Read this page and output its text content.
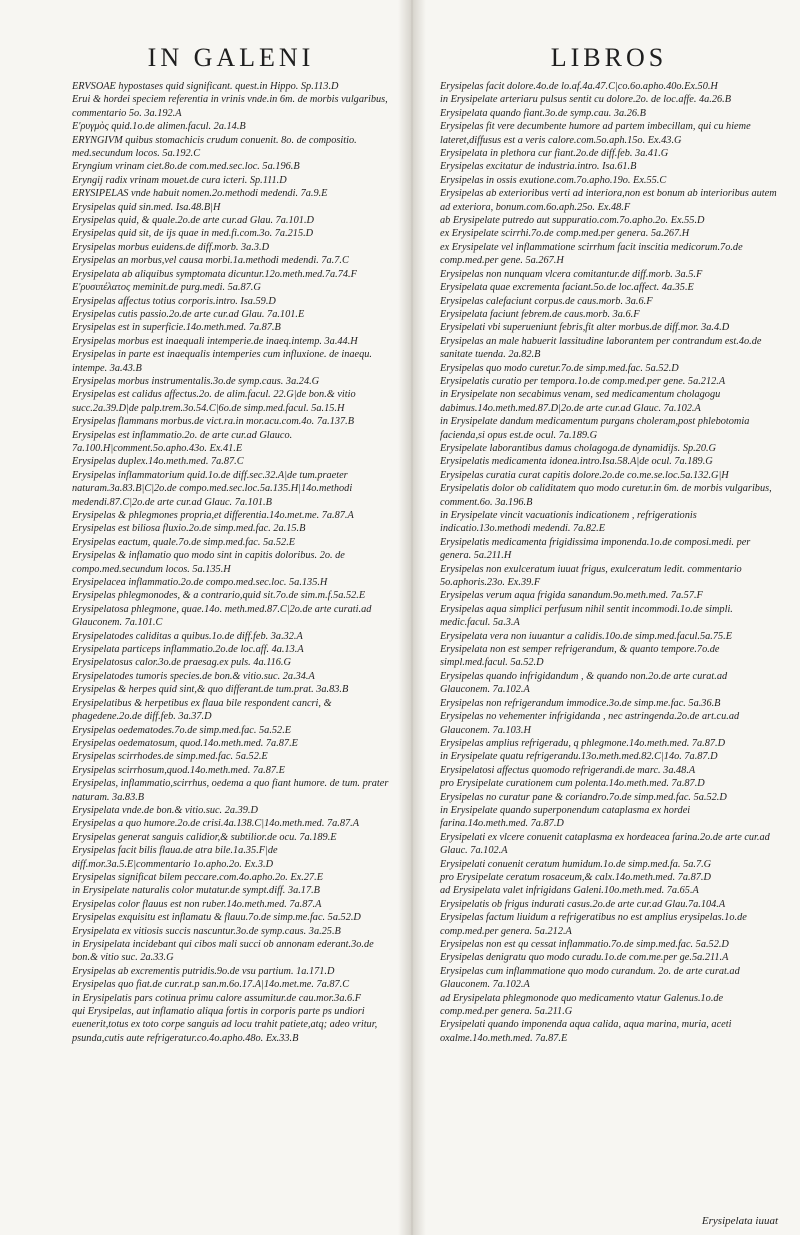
IN GALENI
ERVSOAE hypostases quid significant. quest.in Hippo. Sp.113.D
Erui & hordei speciem referentia in vrinis vnde.in 6m. de morbis vulgaribus, commentario 5o. 3a.192.A
E'ρυγμὸς quid.1o.de alimen.facul. 2a.14.B
ERYNGIVM quibus stomachicis crudum conuenit. 8o. de compositio. med.secundum locos. 5a.192.C
Eryngium vrinam ciet.8o.de com.med.sec.loc. 5a.196.B
Eryngij radix vrinam mouet.de cura icteri. Sp.111.D
ERYSIPELAS vnde habuit nomen.2o.methodi medendi. 7a.9.E
Erysipelas quid sin.med. Isa.48.B|H
Erysipelas quid, & quale.2o.de arte cur.ad Glau. 7a.101.D
Erysipelas quid sit, de ijs quae in med.fi.com.3o. 7a.215.D
Erysipelas morbus euidens.de diff.morb. 3a.3.D
Erysipelas an morbus,vel causa morbi.1a.methodi medendi. 7a.7.C
Erysipelata ab aliquibus symptomata dicuntur.12o.meth.med.7a.74.F
E'ρυσιπέλατος meminit.de purg.medi. 5a.87.G
Erysipelas affectus totius corporis.intro. Isa.59.D
Erysipelas cutis passio.2o.de arte cur.ad Glau. 7a.101.E
Erysipelas est in superficie.14o.meth.med. 7a.87.B
Erysipelas morbus est inaequali intemperie.de inaeq.intemp. 3a.44.H
Erysipelas in parte est inaequalis intemperies cum influxione. de inaequ. intempe. 3a.43.B
Erysipelas morbus instrumentalis.3o.de symp.caus. 3a.24.G
Erysipelas est calidus affectus.2o. de alim.facul. 22.G|de bon.& vitio succ.2a.39.D|de palp.trem.3o.54.C|6o.de simp.med.facul. 5a.15.H
Erysipelas flammans morbus.de vict.ra.in mor.acu.com.4o. 7a.137.B
Erysipelas est inflammatio.2o. de arte cur.ad Glauco. 7a.100.H|comment.5o.apho.43o. Ex.41.E
Erysipelas duplex.14o.meth.med. 7a.87.C
Erysipelas inflammatorium quid.1o.de diff.sec.32.A|de tum.praeter naturam.3a.83.B|C|2o.de compo.med.sec.loc.5a.135.H|14o.methodi medendi.87.C|2o.de arte cur.ad Glauc. 7a.101.B
Erysipelas & phlegmones propria,et differentia.14o.met.me. 7a.87.A
Erysipelas est biliosa fluxio.2o.de simp.med.fac. 2a.15.B
Erysipelas eactum, quale.7o.de simp.med.fac. 5a.52.E
Erysipelas & inflamatio quo modo sint in capitis doloribus. 2o. de compo.med.secundum locos. 5a.135.H
Erysipelacea inflammatio.2o.de compo.med.sec.loc. 5a.135.H
Erysipelas phlegmonodes, & a contrario,quid sit.7o.de sim.m.f.5a.52.E
Erysipelatosa phlegmone, quae.14o. meth.med.87.C|2o.de arte curati.ad Glauconem. 7a.101.C
Erysipelatodes caliditas a quibus.1o.de diff.feb. 3a.32.A
Erysipelata particeps inflammatio.2o.de loc.aff. 4a.13.A
Erysipelatosus calor.3o.de praesag.ex puls. 4a.116.G
Erysipelatodes tumoris species.de bon.& vitio.suc. 2a.34.A
Erysipelas & herpes quid sint,& quo differant.de tum.prat. 3a.83.B
Erysipelatibus & herpetibus ex flaua bile respondent cancri, & phagedene.2o.de diff.feb. 3a.37.D
Erysipelas oedematodes.7o.de simp.med.fac. 5a.52.E
Erysipelas oedematosum, quod.14o.meth.med. 7a.87.E
Erysipelas scirrhodes.de simp.med.fac. 5a.52.E
Erysipelas scirrhosum,quod.14o.meth.med. 7a.87.E
Erysipelas, inflammatio,scirrhus, oedema a quo fiant humore. de tum. prater naturam. 3a.83.B
Erysipelata vnde.de bon.& vitio.suc. 2a.39.D
Erysipelas a quo humore.2o.de crisi.4a.138.C|14o.meth.med. 7a.87.A
Erysipelas generat sanguis calidior,& subtilior.de ocu. 7a.189.E
Erysipelas facit bilis flaua.de atra bile.1a.35.F|de diff.mor.3a.5.E|commentario 1o.apho.2o. Ex.3.D
Erysipelas significat bilem peccare.com.4o.apho.2o. Ex.27.E
in Erysipelate naturalis color mutatur.de sympt.diff. 3a.17.B
Erysipelas color flauus est non ruber.14o.meth.med. 7a.87.A
Erysipelas exquisitu est inflamatu & flauu.7o.de simp.me.fac. 5a.52.D
Erysipelata ex vitiosis succis nascuntur.3o.de symp.caus. 3a.25.B
in Erysipelata incidebant qui cibos mali succi ob annonam ederant.3o.de bon.& vitio suc. 2a.33.G
Erysipelas ab excrementis putridis.9o.de vsu partium. 1a.171.D
Erysipelas quo fiat.de cur.rat.p san.m.6o.17.A|14o.met.me. 7a.87.C
in Erysipelatis pars cotinua primu calore assumitur.de cau.mor.3a.6.F
qui Erysipelas, aut inflamatio aliqua fortis in corporis parte ps undiori euenerit,totus ex toto corpe sanguis ad locu trahit patiete,atq; adeo vritur, psunda,cutis aute refrigeratur.co.4o.apho.48o. Ex.33.B
LIBROS
Erysipelas facit dolore.4o.de lo.af.4a.47.C|co.6o.apho.40o.Ex.50.H
in Erysipelate arteriaru pulsus sentit cu dolore.2o. de loc.affe. 4a.26.B
Erysipelata quando fiant.3o.de symp.cau. 3a.26.B
Erysipelas fit vere decumbente humore ad partem imbecillam, qui cu hieme lateret,diffusus est a veris calore.com.5o.aph.15o. Ex.43.G
Erysipelata in plethora cur fiant.2o.de diff.feb. 3a.41.G
Erysipelas excitatur de industria.intro. Isa.61.B
Erysipelas in ossis exutione.com.7o.apho.19o. Ex.55.C
Erysipelas ab exterioribus verti ad interiora,non est bonum ab interioribus autem ad exteriora, bonum.com.6o.aph.25o. Ex.48.F
ab Erysipelate putredo aut suppuratio.com.7o.apho.2o. Ex.55.D
ex Erysipelate scirrhi.7o.de comp.med.per genera. 5a.267.H
ex Erysipelate vel inflammatione scirrhum facit inscitia medicorum.7o.de comp.med.per gene. 5a.267.H
Erysipelas non nunquam vlcera comitantur.de diff.morb. 3a.5.F
Erysipelata quae excrementa faciant.5o.de loc.affect. 4a.35.E
Erysipelas calefaciunt corpus.de caus.morb. 3a.6.F
Erysipelata faciunt febrem.de caus.morb. 3a.6.F
Erysipelati vbi superueniunt febris,fit alter morbus.de diff.mor. 3a.4.D
Erysipelas an male habuerit lassitudine laborantem per contrandum est.4o.de sanitate tuenda. 2a.82.B
Erysipelas quo modo curetur.7o.de simp.med.fac. 5a.52.D
Erysipelatis curatio per tempora.1o.de comp.med.per gene. 5a.212.A
in Erysipelate non secabimus venam, sed medicamentum cholagogu dabimus.14o.meth.med.87.D|2o.de arte cur.ad Glauc. 7a.102.A
in Erysipelate dandum medicamentum purgans choleram,post phlebotomia facienda,si opus est.de ocul. 7a.189.G
Erysipelate laborantibus damus cholagoga.de dynamidijs. Sp.20.G
Erysipelatis medicamenta idonea.intro.Isa.58.A|de ocul. 7a.189.G
Erysipelas curatia curat capitis dolore.2o.de co.me.se.loc.5a.132.G|H
Erysipelatis dolor ob caliditatem quo modo curetur.in 6m. de morbis vulgaribus, comment.6o. 3a.196.B
in Erysipelate vincit vacuationis indicationem , refrigerationis indicatio.13o.methodi medendi. 7a.82.E
Erysipelatis medicamenta frigidissima imponenda.1o.de composi.medi. per genera. 5a.211.H
Erysipelas non exulceratum iuuat frigus, exulceratum ledit. commentario 5o.aphoris.23o. Ex.39.F
Erysipelas verum aqua frigida sanandum.9o.meth.med. 7a.57.F
Erysipelas aqua simplici perfusum nihil sentit incommodi.1o.de simpli. medic.facul. 5a.3.A
Erysipelata vera non iuuantur a calidis.10o.de simp.med.facul.5a.75.E
Erysipelata non est semper refrigerandum, & quanto tempore.7o.de simpl.med.facul. 5a.52.D
Erysipelas quando infrigidandum , & quando non.2o.de arte curat.ad Glauconem. 7a.102.A
Erysipelas non refrigerandum immodice.3o.de simp.me.fac. 5a.36.B
Erysipelas no vehementer infrigidanda , nec astringenda.2o.de art.cu.ad Glauconem. 7a.103.H
Erysipelas amplius refrigeradu, q phlegmone.14o.meth.med. 7a.87.D
in Erysipelate quatu refrigerandu.13o.meth.med.82.C|14o. 7a.87.D
Erysipelatosi affectus quomodo refrigerandi.de marc. 3a.48.A
pro Erysipelate curationem cum polenta.14o.meth.med. 7a.87.D
Erysipelas no curatur pane & coriandro.7o.de simp.med.fac. 5a.52.D
in Erysipelate quando superponendum cataplasma ex hordei farina.14o.meth.med. 7a.87.D
Erysipelati ex vlcere conuenit cataplasma ex hordeacea farina.2o.de arte cur.ad Glauc. 7a.102.A
Erysipelati conuenit ceratum humidum.1o.de simp.med.fa. 5a.7.G
pro Erysipelate ceratum rosaceum,& calx.14o.meth.med. 7a.87.D
ad Erysipelata valet infrigidans Galeni.10o.meth.med. 7a.65.A
Erysipelatis ob frigus indurati casus.2o.de arte cur.ad Glau.7a.104.A
Erysipelas factum liuidum a refrigeratibus no est amplius erysipelas.1o.de comp.med.per genera. 5a.212.A
Erysipelas non est qu cessat inflammatio.7o.de simp.med.fac. 5a.52.D
Erysipelas denigratu quo modo curadu.1o.de com.me.per ge.5a.211.A
Erysipelas cum inflammatione quo modo curandum. 2o. de arte curat.ad Glauconem. 7a.102.A
ad Erysipelata phlegmonode quo medicamento vtatur Galenus.1o.de comp.med.per genera. 5a.211.G
Erysipelati quando imponenda aqua calida, aqua marina, muria, aceti oxalme.14o.meth.med. 7a.87.E
Erysipelata iuuat
